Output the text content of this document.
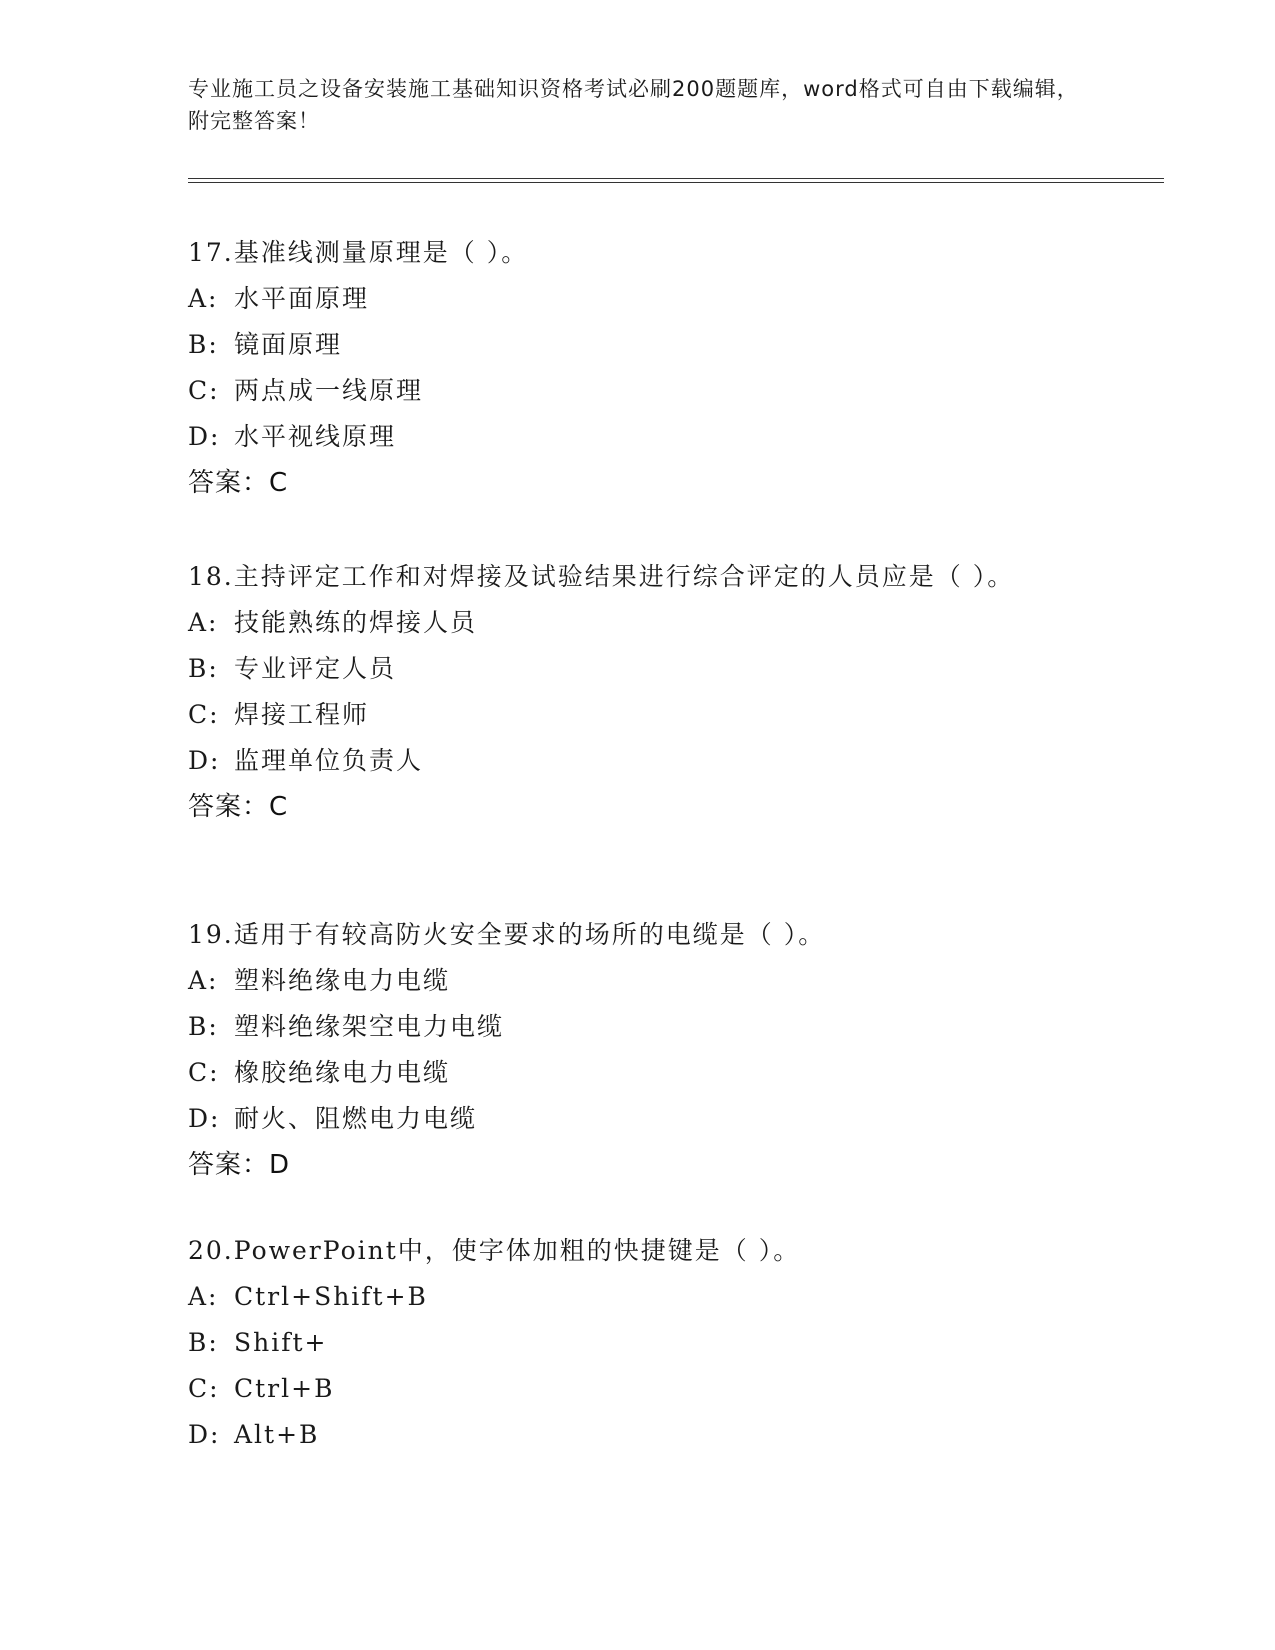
专业施工员之设备安装施工基础知识资格考试必刷200题题库，word格式可自由下载编辑，附完整答案！

17.基准线测量原理是（ ）。

A: 水平面原理

B: 镜面原理

C: 两点成一线原理

D: 水平视线原理

答案：C

18.主持评定工作和对焊接及试验结果进行综合评定的人员应是（ ）。

A: 技能熟练的焊接人员

B: 专业评定人员

C: 焊接工程师

D: 监理单位负责人

答案：C

19.适用于有较高防火安全要求的场所的电缆是（ ）。

A: 塑料绝缘电力电缆

B: 塑料绝缘架空电力电缆

C: 橡胶绝缘电力电缆

D: 耐火、阻燃电力电缆

答案：D

20.PowerPoint中，使字体加粗的快捷键是（ ）。

A: Ctrl+Shift+B

B: Shift+

C: Ctrl+B

D: Alt+B
